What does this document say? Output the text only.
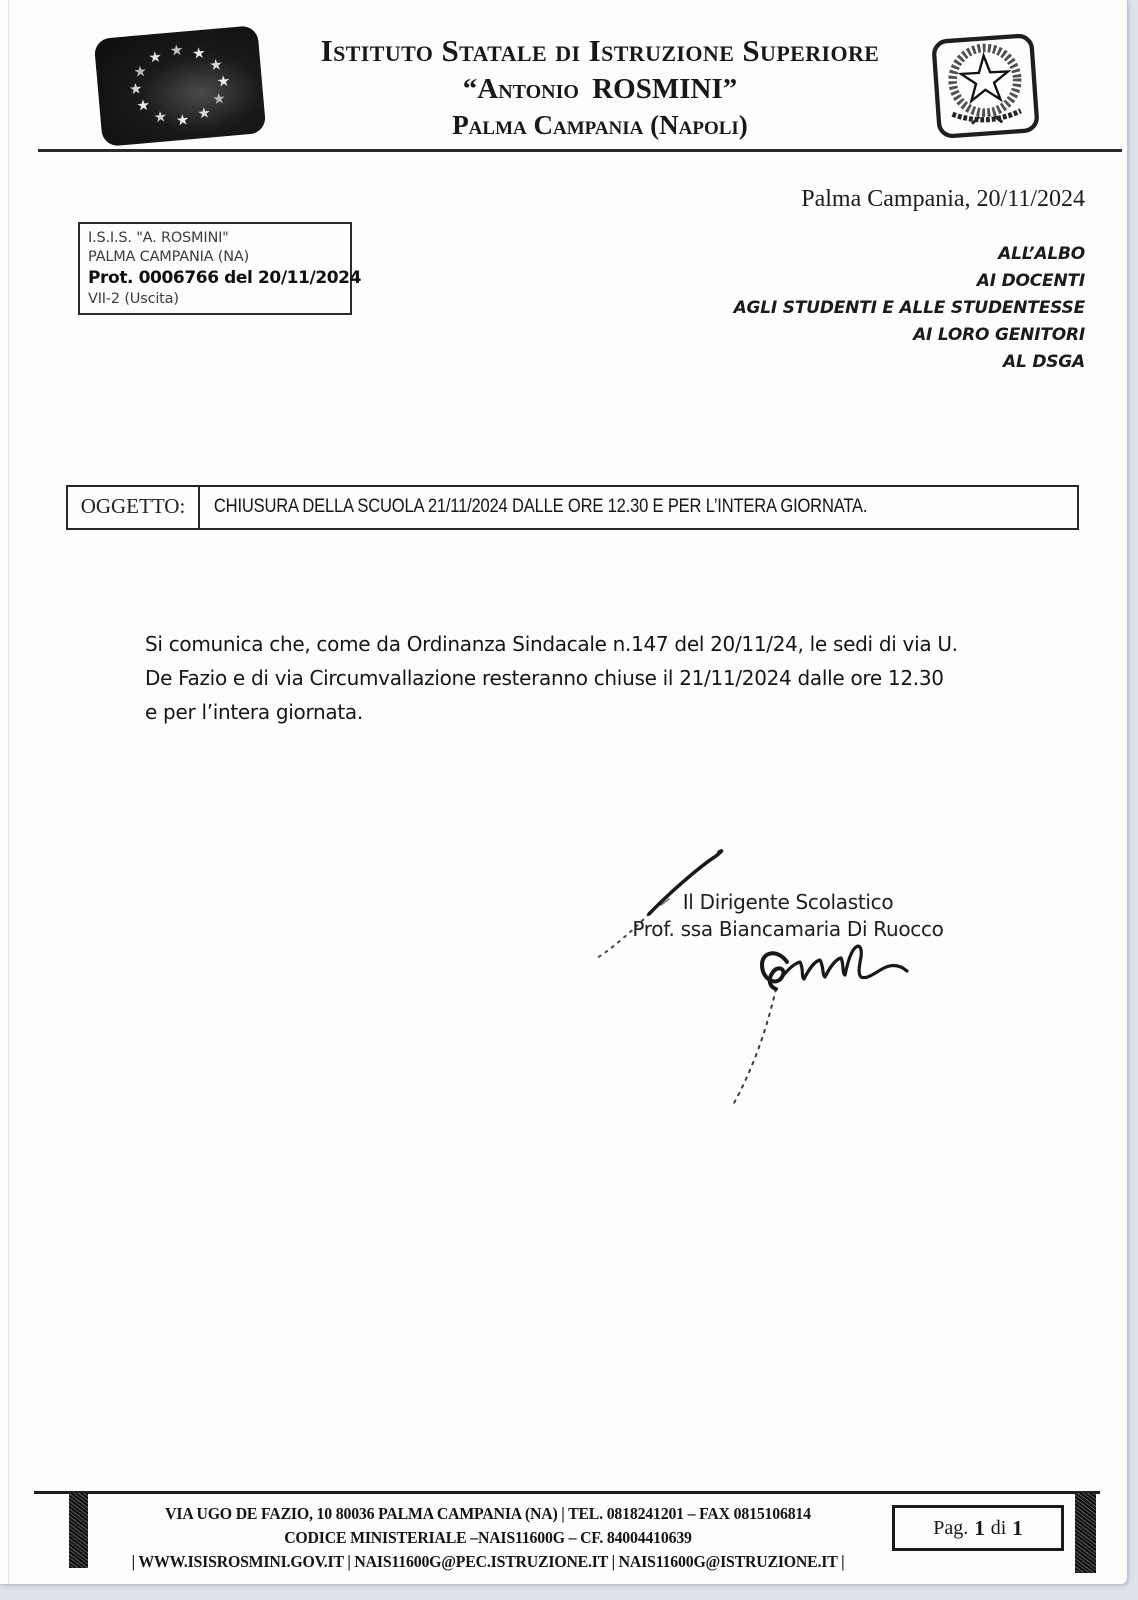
★
★
★
★
★
★
★
★
★ ★ ★
★
Istituto Statale di Istruzione Superiore
“Antonio ROSMINI”
Palma Campania (Napoli)
Palma Campania, 20/11/2024
I.S.I.S. "A. ROSMINI"
PALMA CAMPANIA (NA)
Prot. 0006766 del 20/11/2024
VII-2 (Uscita)
ALL’ALBO
AI DOCENTI
AGLI STUDENTI E ALLE STUDENTESSE
AI LORO GENITORI
AL DSGA
OGGETTO:	CHIUSURA DELLA SCUOLA 21/11/2024 DALLE ORE 12.30 E PER L’INTERA GIORNATA.
Si comunica che, come da Ordinanza Sindacale n.147 del 20/11/24, le sedi di via U.
De Fazio e di via Circumvallazione resteranno chiuse il 21/11/2024 dalle ore 12.30
e per l’intera giornata.
Il Dirigente Scolastico
Prof. ssa Biancamaria Di Ruocco
VIA UGO DE FAZIO, 10 80036 PALMA CAMPANIA (NA) | TEL. 0818241201 – FAX 0815106814
CODICE MINISTERIALE –NAIS11600G – CF. 84004410639
| WWW.ISISROSMINI.GOV.IT | NAIS11600G@PEC.ISTRUZIONE.IT | NAIS11600G@ISTRUZIONE.IT |
Pag. 1 di 1
